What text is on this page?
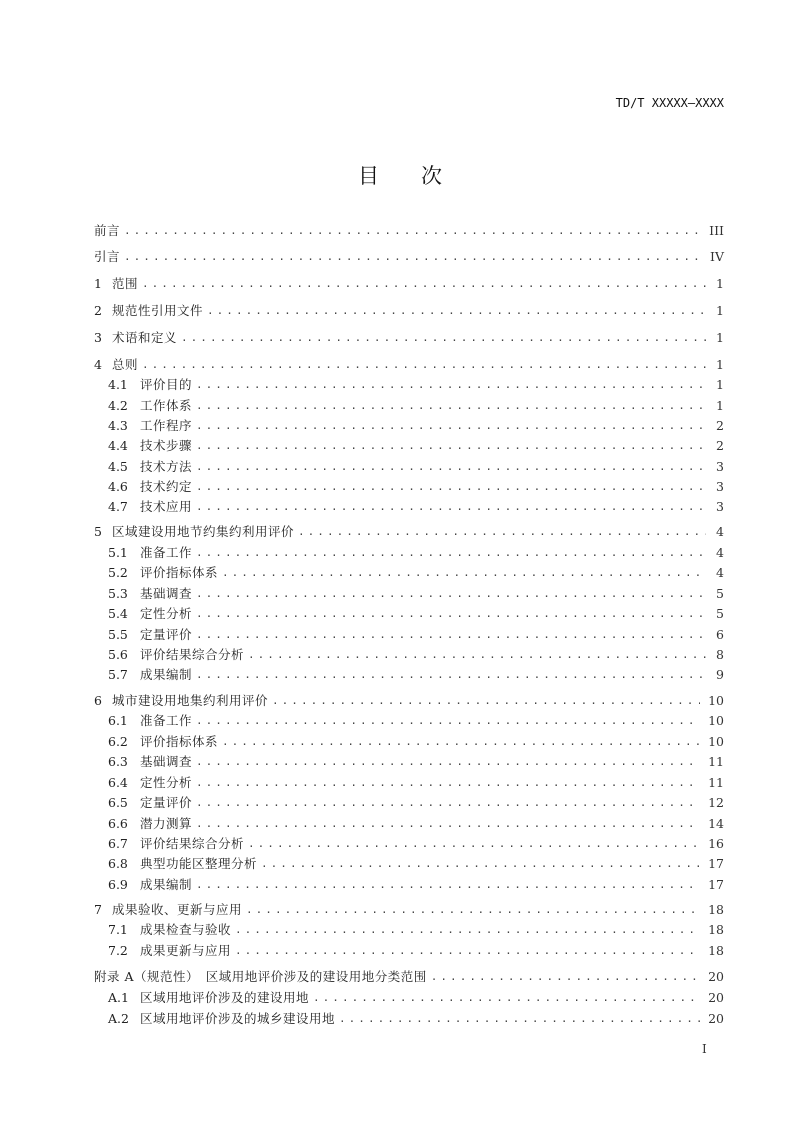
TD/T XXXXX—XXXX
目 次
前言 . . .	III
引言 . . .	IV
1 范围 . . .	1
2 规范性引用文件 . . .	1
3 术语和定义 . . .	1
4 总则 . . .	1
4.1 评价目的 . . .	1
4.2 工作体系 . . .	1
4.3 工作程序 . . .	2
4.4 技术步骤 . . .	2
4.5 技术方法 . . .	3
4.6 技术约定 . . .	3
4.7 技术应用 . . .	3
5 区域建设用地节约集约利用评价 . . .	4
5.1 准备工作 . . .	4
5.2 评价指标体系 . . .	4
5.3 基础调查 . . .	5
5.4 定性分析 . . .	5
5.5 定量评价 . . .	6
5.6 评价结果综合分析 . . .	8
5.7 成果编制 . . .	9
6 城市建设用地集约利用评价 . . .	10
6.1 准备工作 . . .	10
6.2 评价指标体系 . . .	10
6.3 基础调查 . . .	11
6.4 定性分析 . . .	11
6.5 定量评价 . . .	12
6.6 潜力测算 . . .	14
6.7 评价结果综合分析 . . .	16
6.8 典型功能区整理分析 . . .	17
6.9 成果编制 . . .	17
7 成果验收、更新与应用 . . .	18
7.1 成果检查与验收 . . .	18
7.2 成果更新与应用 . . .	18
附录 A（规范性）　区域用地评价涉及的建设用地分类范围 . . .	20
A.1 区域用地评价涉及的建设用地 . . .	20
A.2 区域用地评价涉及的城乡建设用地 . . .	20
I
